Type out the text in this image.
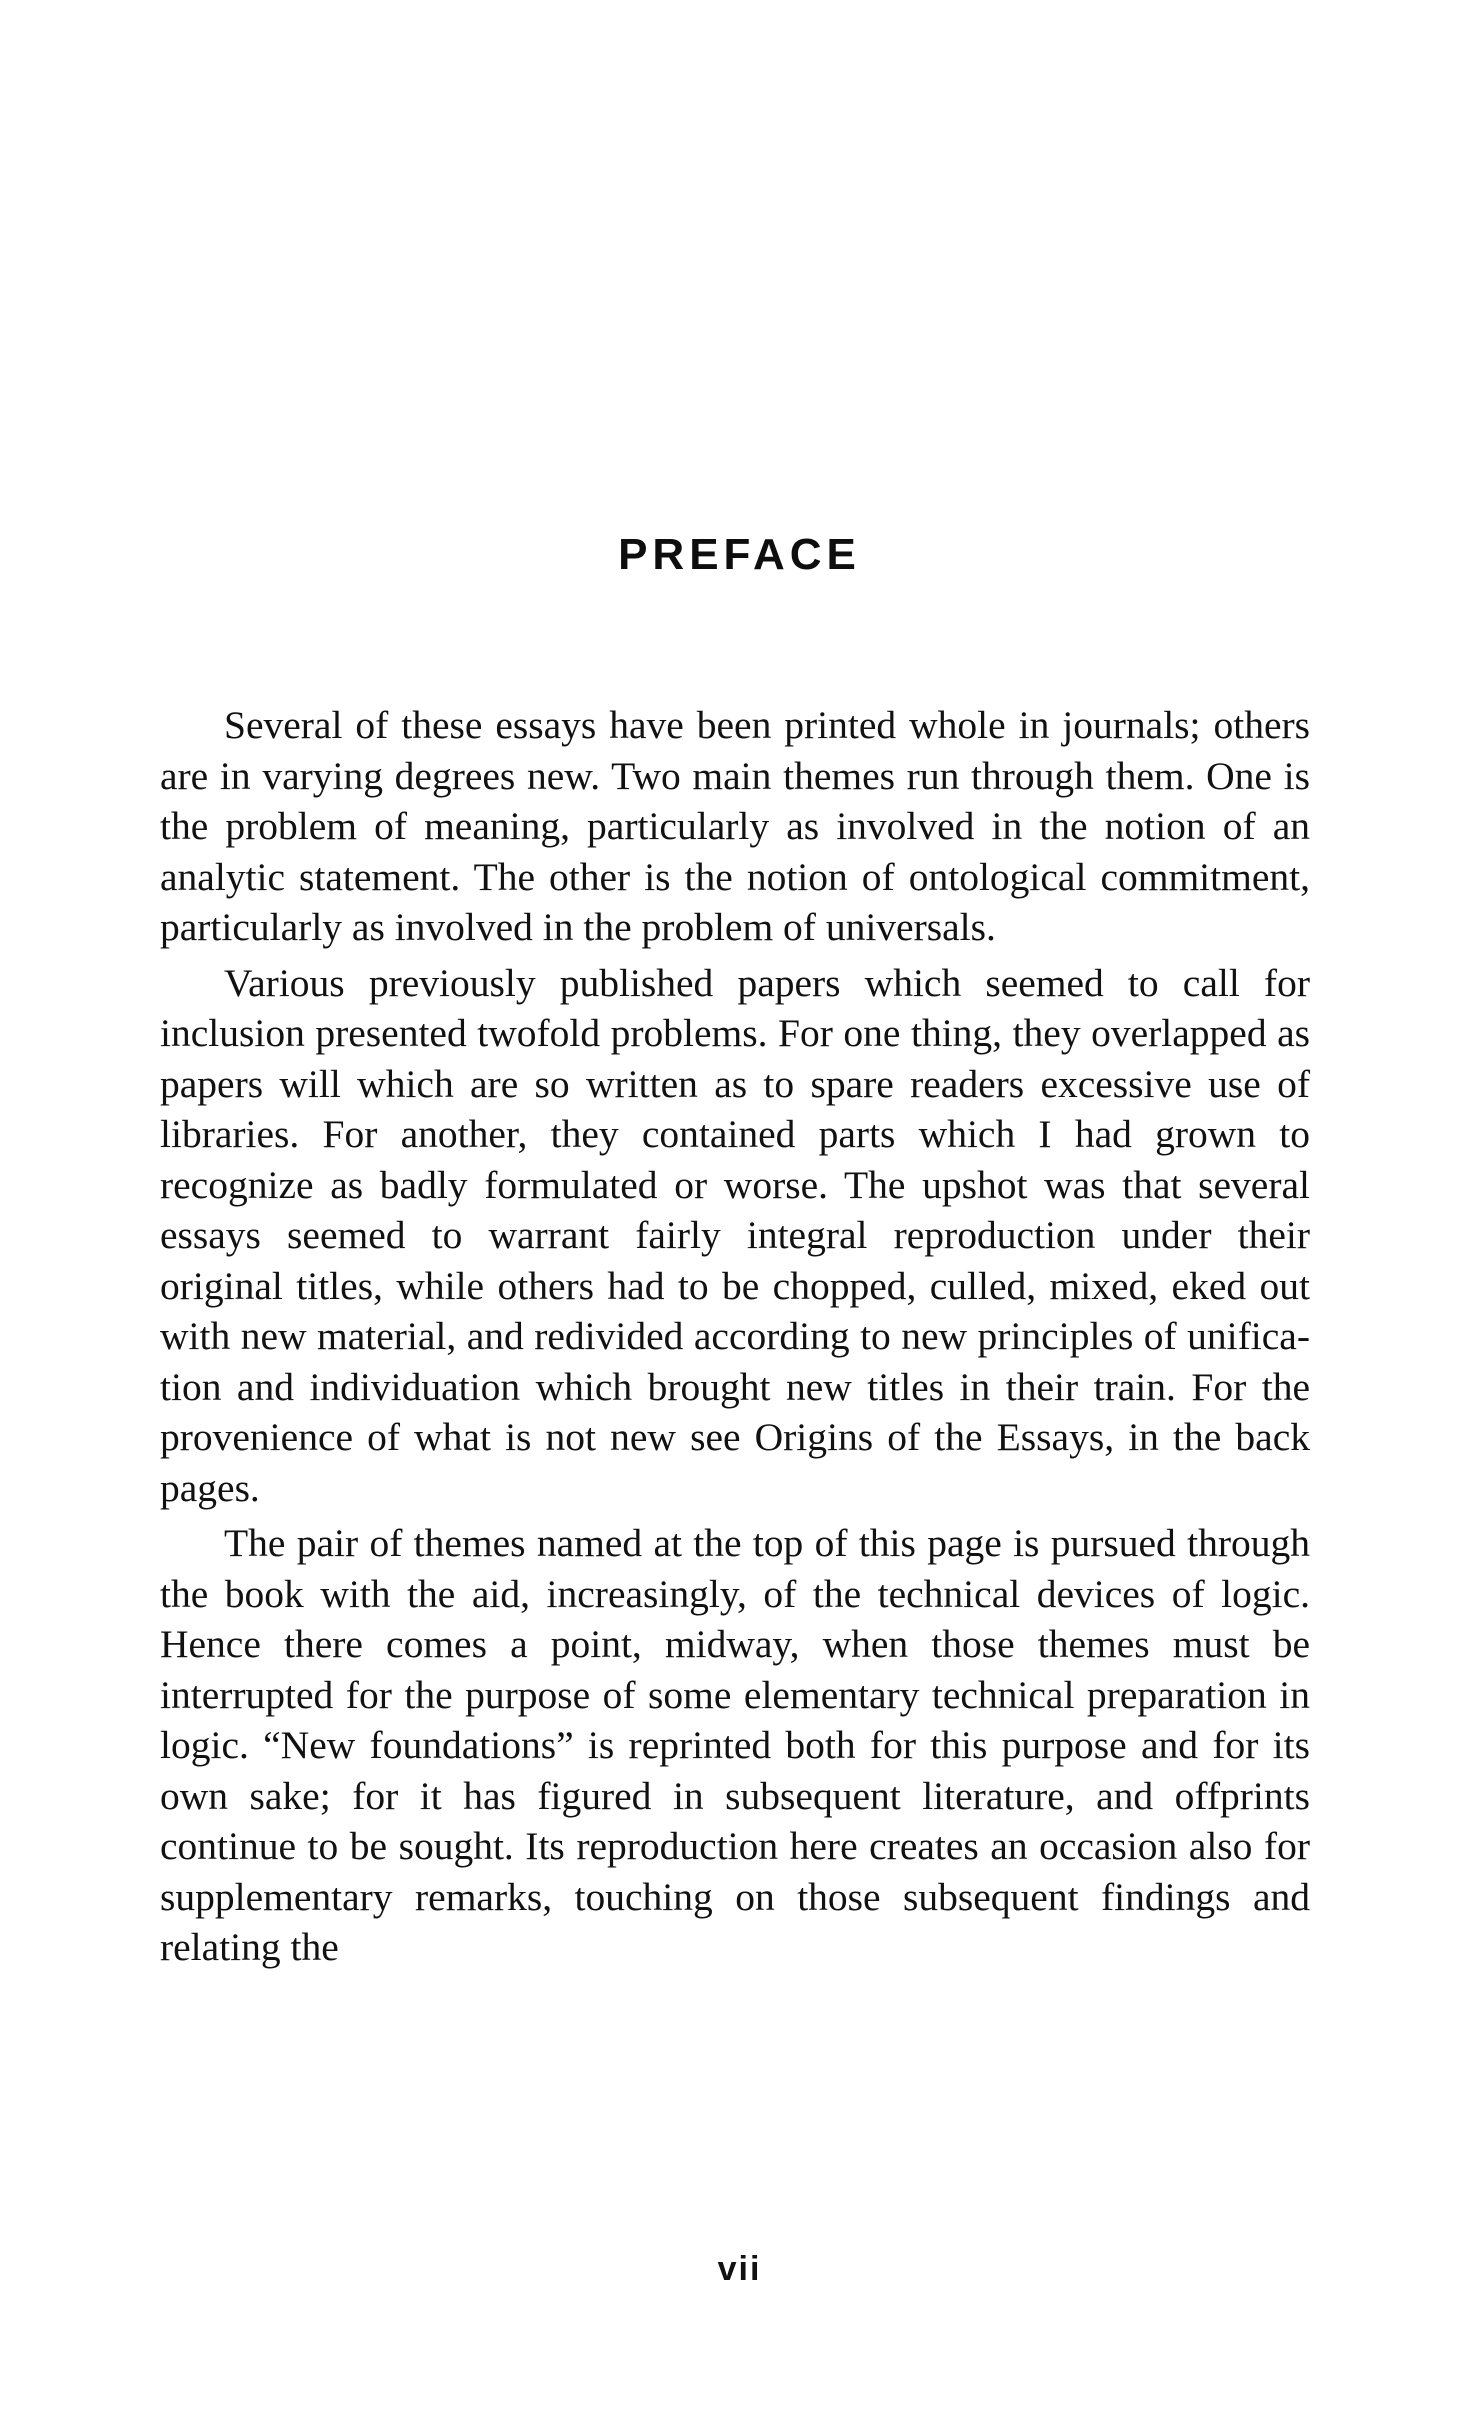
PREFACE

Several of these essays have been printed whole in journals; others are in varying degrees new. Two main themes run through them. One is the problem of meaning, particularly as involved in the notion of an analytic statement. The other is the notion of ontological commitment, particularly as involved in the problem of universals.

Various previously published papers which seemed to call for inclusion presented twofold problems. For one thing, they overlapped as papers will which are so written as to spare readers excessive use of libraries. For another, they contained parts which I had grown to recognize as badly formulated or worse. The upshot was that several essays seemed to warrant fairly integral reproduction under their original titles, while others had to be chopped, culled, mixed, eked out with new material, and redivided according to new principles of unification and individuation which brought new titles in their train. For the provenience of what is not new see Origins of the Essays, in the back pages.

The pair of themes named at the top of this page is pursued through the book with the aid, increasingly, of the technical devices of logic. Hence there comes a point, midway, when those themes must be interrupted for the purpose of some elementary technical preparation in logic. “New foundations” is reprinted both for this purpose and for its own sake; for it has figured in subsequent literature, and offprints continue to be sought. Its reproduction here creates an occasion also for supplementary remarks, touching on those subsequent findings and relating the

vii
